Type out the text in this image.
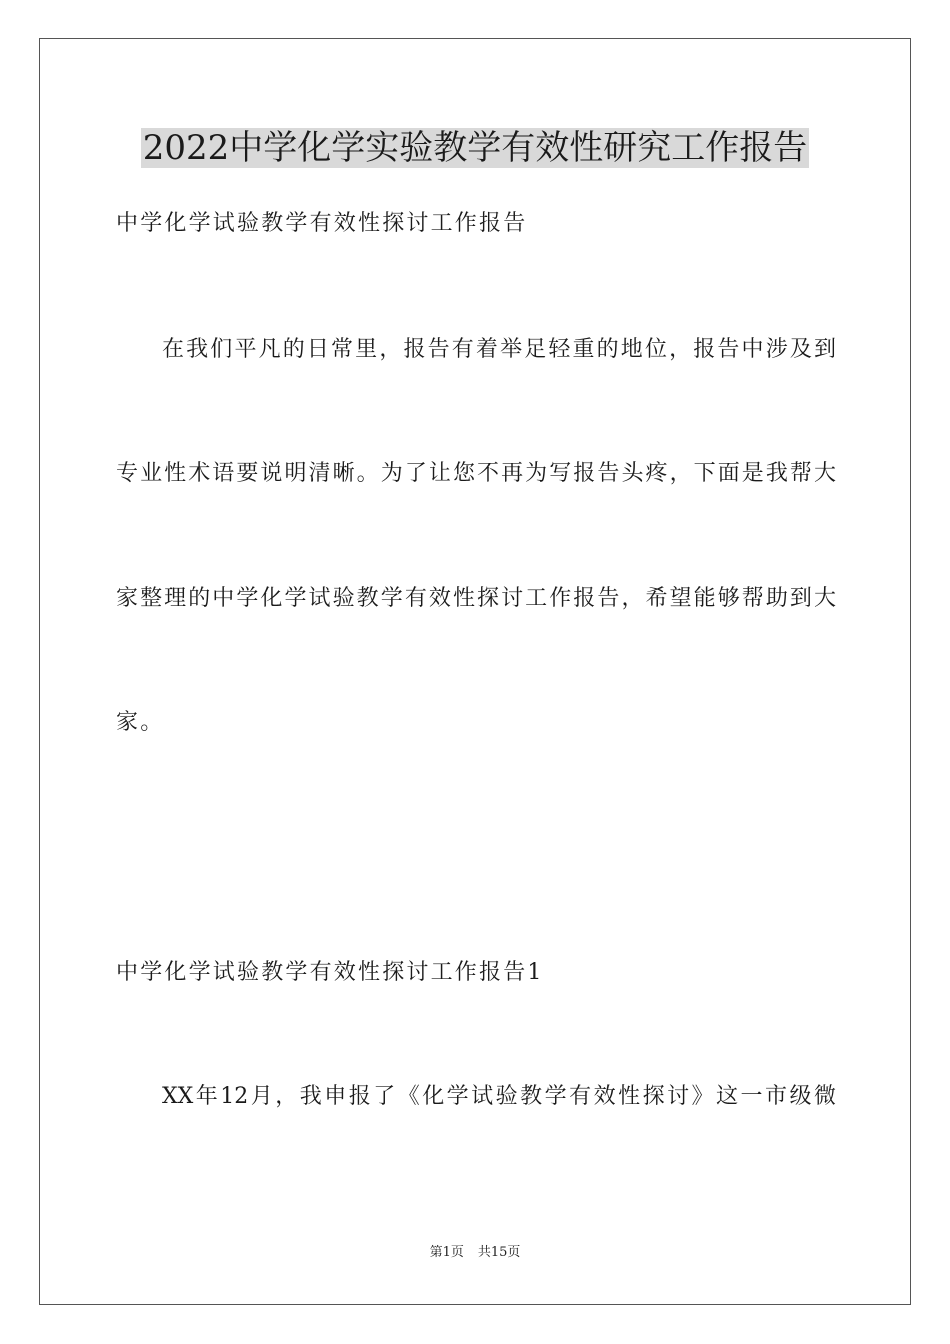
2022中学化学实验教学有效性研究工作报告

中学化学试验教学有效性探讨工作报告

在我们平凡的日常里，报告有着举足轻重的地位，报告中涉及到

专业性术语要说明清晰。为了让您不再为写报告头疼，下面是我帮大

家整理的中学化学试验教学有效性探讨工作报告，希望能够帮助到大

家。

中学化学试验教学有效性探讨工作报告1

XX年12月，我申报了《化学试验教学有效性探讨》这一市级微

第1页 共15页
